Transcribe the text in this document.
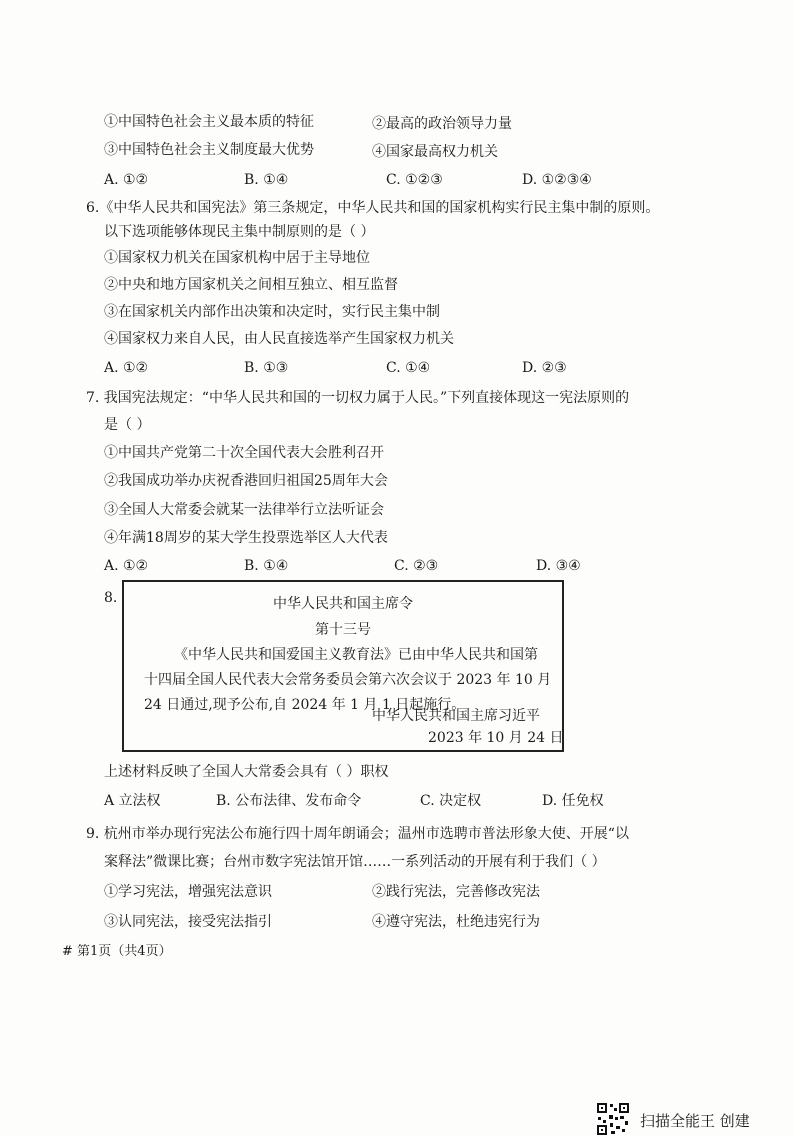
①中国特色社会主义最本质的特征	②最高的政治领导力量
③中国特色社会主义制度最大优势	④国家最高权力机关
A. ①②	B. ①④	C. ①②③	D. ①②③④
6.《中华人民共和国宪法》第三条规定，中华人民共和国的国家机构实行民主集中制的原则。
以下选项能够体现民主集中制原则的是（ ）
①国家权力机关在国家机构中居于主导地位
②中央和地方国家机关之间相互独立、相互监督
③在国家机关内部作出决策和决定时，实行民主集中制
④国家权力来自人民，由人民直接选举产生国家权力机关
A. ①②	B. ①③	C. ①④	D. ②③
7. 我国宪法规定：“中华人民共和国的一切权力属于人民。”下列直接体现这一宪法原则的
是（ ）
①中国共产党第二十次全国代表大会胜利召开
②我国成功举办庆祝香港回归祖国25周年大会
③全国人大常委会就某一法律举行立法听证会
④年满18周岁的某大学生投票选举区人大代表
A. ①②	B. ①④	C. ②③	D. ③④
8.	中华人民共和国主席令
第十三号
《中华人民共和国爱国主义教育法》已由中华人民共和国第
十四届全国人民代表大会常务委员会第六次会议于 2023 年 10 月
24 日通过,现予公布,自 2024 年 1 月 1 日起施行。
中华人民共和国主席习近平
2023 年 10 月 24 日
上述材料反映了全国人大常委会具有（ ）职权
A 立法权	B. 公布法律、发布命令	C. 决定权	D. 任免权
9. 杭州市举办现行宪法公布施行四十周年朗诵会；温州市选聘市普法形象大使、开展“以
案释法”微课比赛；台州市数字宪法馆开馆……一系列活动的开展有利于我们（ ）
①学习宪法，增强宪法意识	②践行宪法，完善修改宪法
③认同宪法，接受宪法指引	④遵守宪法，杜绝违宪行为
# 第1页（共4页）
扫描全能王 创建
